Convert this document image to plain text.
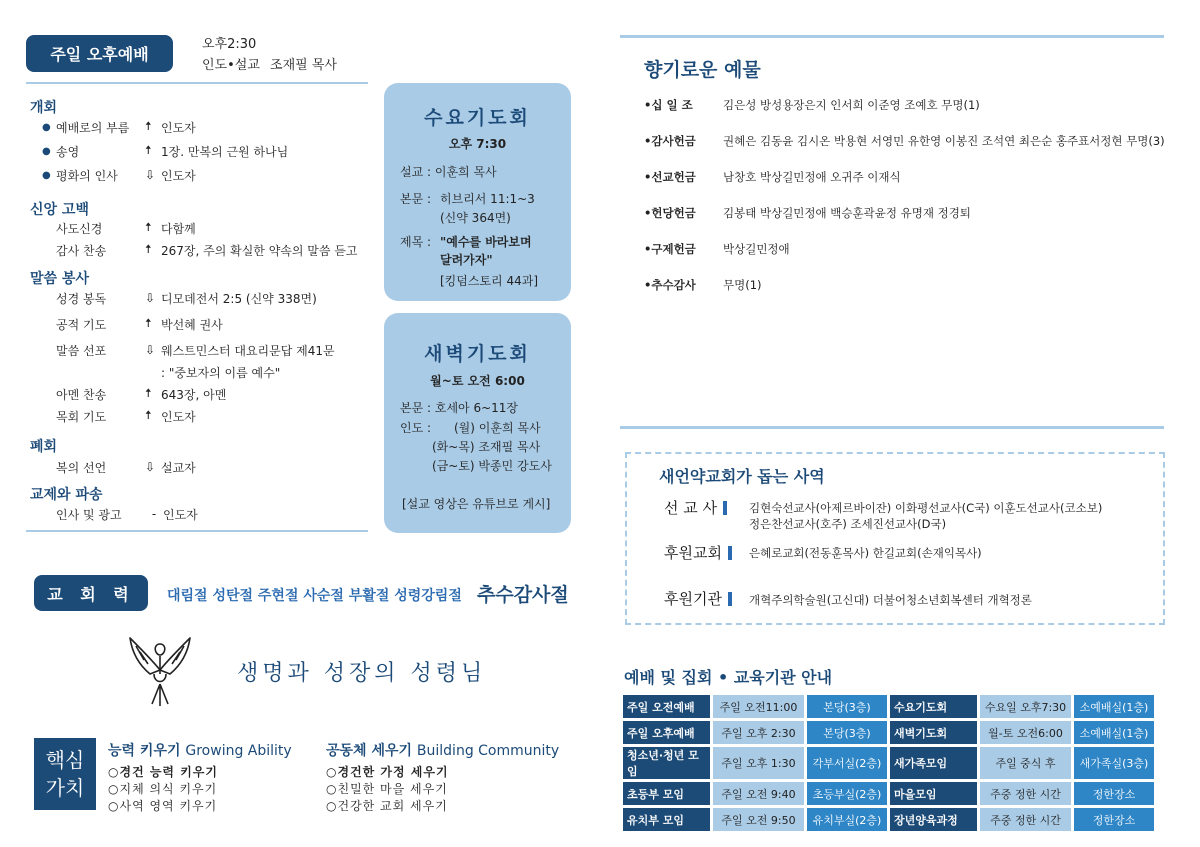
주일 오후예배
오후2:30
인도•설교 조재필 목사
개회
● 예배로의 부름	🠅 인도자
● 송영	🠅 1장. 만복의 근원 하나님
● 평화의 인사	⇩ 인도자
신앙 고백
사도신경	🠅 다함께
감사 찬송	🠅 267장, 주의 확실한 약속의 말씀 듣고
말씀 봉사
성경 봉독	⇩ 디모데전서 2:5 (신약 338면)
공적 기도	🠅 박선혜 권사
말씀 선포	⇩ 웨스트민스터 대요리문답 제41문
: "중보자의 이름 예수"
아멘 찬송	🠅 643장, 아멘
목회 기도	🠅 인도자
폐회
복의 선언	⇩ 설교자
교제와 파송
인사 및 광고	- 인도자
수요기도회
오후 7:30
설교 : 이훈희 목사
본문 : 히브리서 11:1~3
(신약 364면)
제목 : "예수를 바라보며
달려가자"
[킹덤스토리 44과]
새벽기도회
월~토 오전 6:00
본문 : 호세아 6~11장
인도 : (월) 이훈희 목사
(화~목) 조재필 목사
(금~토) 박종민 강도사
[설교 영상은 유튜브로 게시]
교 회 력	대림절 성탄절 주현절 사순절 부활절 성령강림절 추수감사절
생명과 성장의 성령님
핵심
가치
능력 키우기 Growing Ability
○경건 능력 키우기
○지체 의식 키우기
○사역 영역 키우기
공동체 세우기 Building Community
○경건한 가정 세우기
○친밀한 마을 세우기
○건강한 교회 세우기
향기로운 예물
•십 일 조	김은성 방성용장은지 인서희 이준영 조예호 무명(1)
•감사헌금	권혜은 김동윤 김시온 박용현 서영민 유한영 이봉진 조석연 최은순 홍주표서정현 무명(3)
•선교헌금	남창호 박상길민정애 오귀주 이재식
•헌당헌금	김봉태 박상길민정애 백승훈곽윤정 유명재 정경퇴
•구제헌금	박상길민정애
•추수감사	무명(1)
새언약교회가 돕는 사역
선 교 사	김현숙선교사(아제르바이잔) 이화평선교사(C국) 이훈도선교사(코소보)
정은찬선교사(호주) 조세진선교사(D국)
후원교회 은혜로교회(전동훈목사) 한길교회(손재익목사)
후원기관 개혁주의학술원(고신대) 더불어청소년회복센터 개혁정론
예배 및 집회 • 교육기관 안내
주일 오전예배	주일 오전11:00	본당(3층)	수요기도회	수요일 오후7:30	소예배실(1층)
주일 오후예배	주일 오후 2:30	본당(3층)	새벽기도회	월-토 오전6:00	소예배실(1층)
청소년·청년 모임	주일 오후 1:30	각부서실(2층)	새가족모임	주일 중식 후	새가족실(3층)
초등부 모임	주일 오전 9:40	초등부실(2층)	마을모임	주중 정한 시간	정한장소
유치부 모임	주일 오전 9:50	유치부실(2층)	장년양육과정	주중 정한 시간	정한장소
